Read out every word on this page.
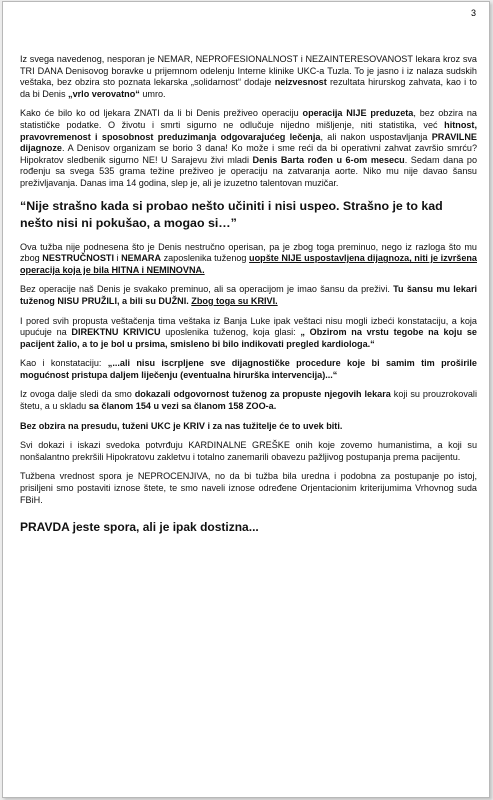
3

Iz svega navedenog, nesporan je NEMAR, NEPROFESIONALNOST i NEZAINTERESOVANOST lekara kroz sva TRI DANA Denisovog boravke u prijemnom odelenju Interne klinike UKC-a Tuzla. To je jasno i iz nalaza sudskih veštaka, bez obzira sto poznata lekarska „solidarnost“ dodaje neizvesnost rezultata hirurskog zahvata, kao i to da bi Denis „vrlo verovatno“ umro.

Kako će bilo ko od ljekara ZNATI da li bi Denis preživeo operaciju operacija NIJE preduzeta, bez obzira na statističke podatke. O životu i smrti sigurno ne odlučuje nijedno mišljenje, niti statistika, već hitnost, pravovremenost i sposobnost preduzimanja odgovarajućeg lečenja, ali nakon uspostavljanja PRAVILNE dijagnoze. A Denisov organizam se borio 3 dana! Ko može i sme reći da bi operativni zahvat završio smrću? Hipokratov sledbenik sigurno NE! U Sarajevu živi mladi Denis Barta rođen u 6-om mesecu. Sedam dana po rođenju sa svega 535 grama težine preživeo je operaciju na zatvaranja aorte. Niko mu nije davao šansu preživljavanja. Danas ima 14 godina, slep je, ali je izuzetno talentovan muzičar.

“Nije strašno kada si probao nešto učiniti i nisi uspeo. Strašno je to kad nešto nisi ni pokušao, a mogao si…”

Ova tužba nije podnesena što je Denis nestručno operisan, pa je zbog toga preminuo, nego iz razloga što mu zbog NESTRUČNOSTI i NEMARA zaposlenika tuženog uopšte NIJE uspostavljena dijagnoza, niti je izvršena operacija koja je bila HITNA i NEMINOVNA.

Bez operacije naš Denis je svakako preminuo, ali sa operacijom je imao šansu da preživi. Tu šansu mu lekari tuženog NISU PRUŽILI, a bili su DUŽNI. Zbog toga su KRIVI.

I pored svih propusta veštačenja tima veštaka iz Banja Luke ipak veštaci nisu mogli izbeći konstataciju, a koja upućuje na DIREKTNU KRIVICU uposlenika tuženog, koja glasi: „ Obzirom na vrstu tegobe na koju se pacijent žalio, a to je bol u prsima, smisleno bi bilo indikovati pregled kardiologa.“

Kao i konstataciju: „...ali nisu iscrpljene sve dijagnostičke procedure koje bi samim tim proširile mogućnost pristupa daljem liječenju (eventualna hirurška intervencija)...“

Iz ovoga dalje sledi da smo dokazali odgovornost tuženog za propuste njegovih lekara koji su prouzrokovali štetu, a u skladu sa članom 154 u vezi sa članom 158 ZOO-a.

Bez obzira na presudu, tuženi UKC je KRIV i za nas tužitelje će to uvek biti.

Svi dokazi i iskazi svedoka potvrđuju KARDINALNE GREŠKE onih koje zovemo humanistima, a koji su nonšalantno prekršili Hipokratovu zakletvu i totalno zanemarili obavezu pažljivog postupanja prema pacijentu.

Tužbena vrednost spora je NEPROCENJIVA, no da bi tužba bila uredna i podobna za postupanje po istoj, prisiljeni smo postaviti iznose štete, te smo naveli iznose određene Orjentacionim kriterijumima Vrhovnog suda FBiH.

PRAVDA jeste spora, ali je ipak dostizna...
